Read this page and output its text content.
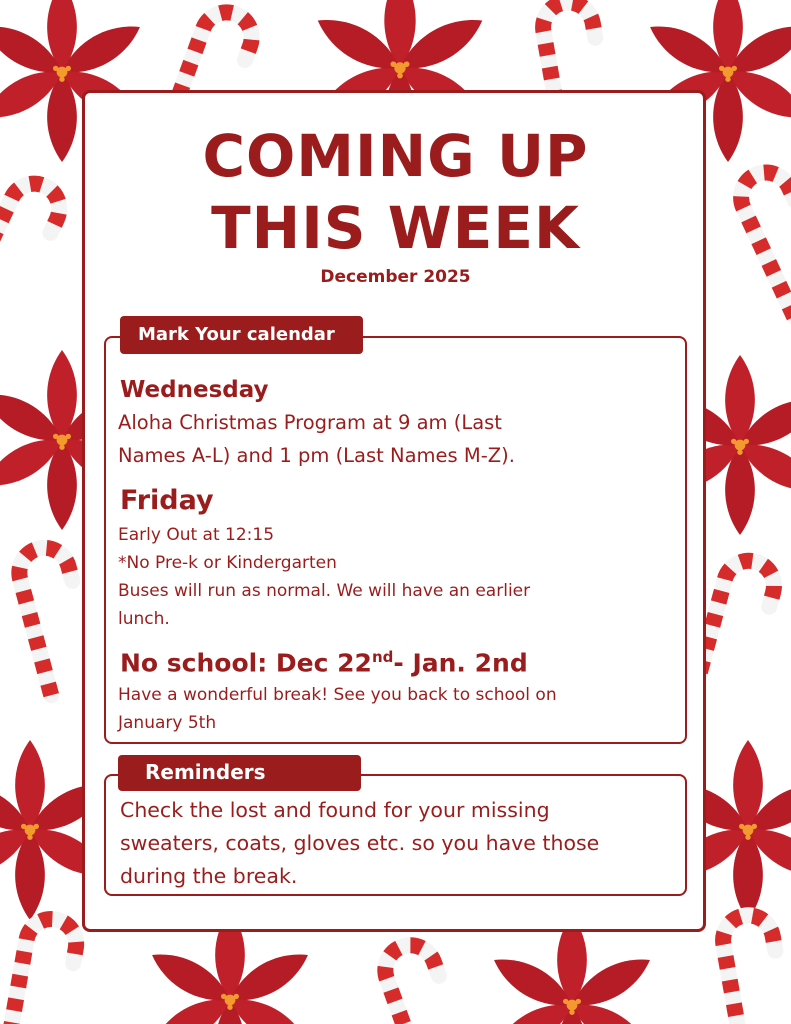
COMING UP
THIS WEEK
December 2025
Mark Your calendar
Wednesday
Aloha Christmas Program at 9 am (Last
Names A-L) and 1 pm (Last Names M-Z).
Friday
Early Out at 12:15
*No Pre-k or Kindergarten
Buses will run as normal. We will have an earlier
lunch.
No school: Dec 22nd- Jan. 2nd
Have a wonderful break! See you back to school on
January 5th
Reminders
Check the lost and found for your missing
sweaters, coats, gloves etc. so you have those
during the break.
